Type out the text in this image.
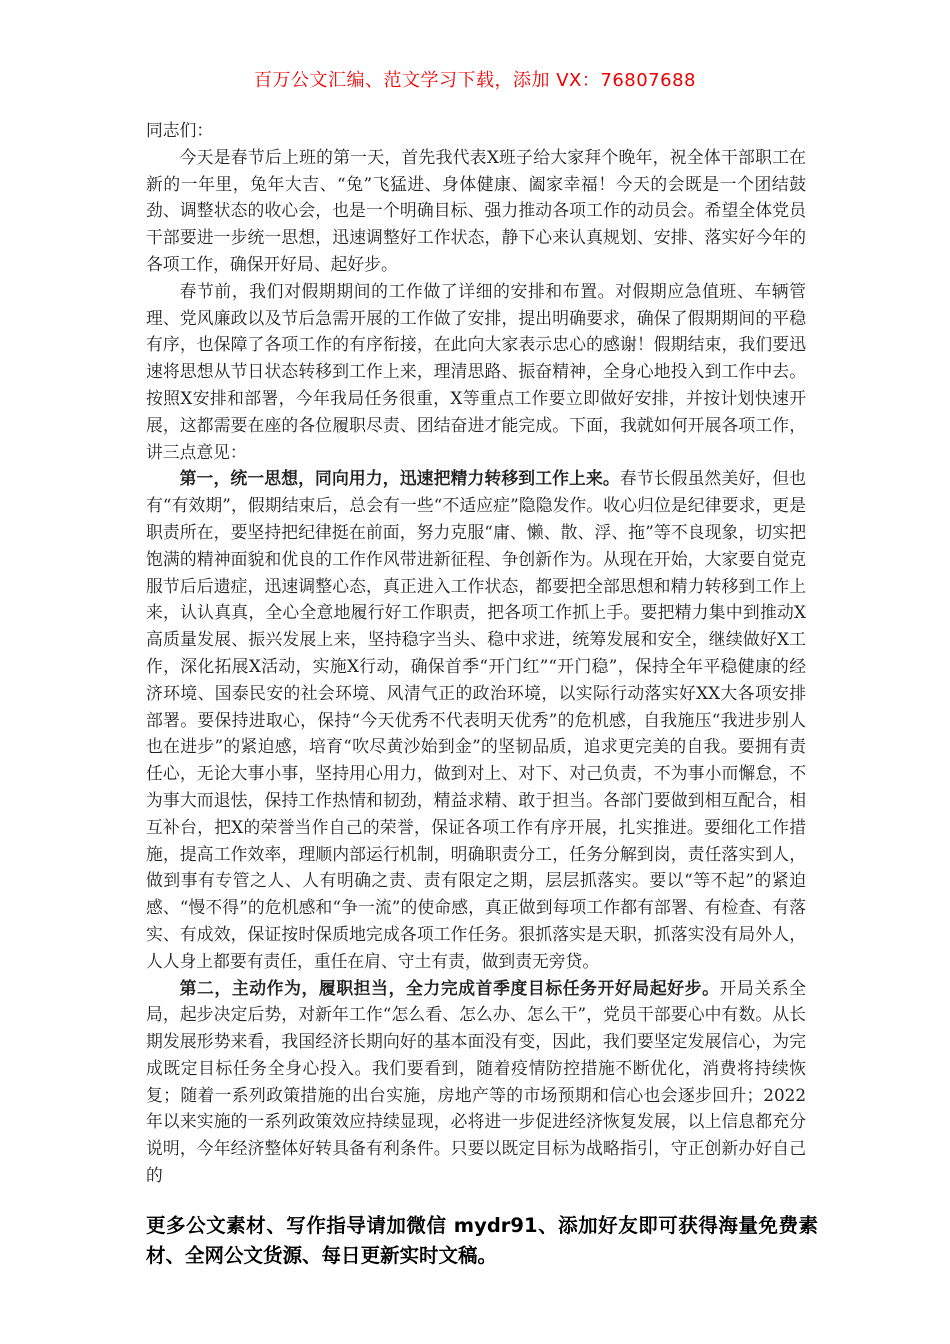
百万公文汇编、范文学习下载，添加 VX：76807688

同志们：

今天是春节后上班的第一天，首先我代表X班子给大家拜个晚年，祝全体干部职工在新的一年里，兔年大吉、“兔”飞猛进、身体健康、阖家幸福！今天的会既是一个团结鼓劲、调整状态的收心会，也是一个明确目标、强力推动各项工作的动员会。希望全体党员干部要进一步统一思想，迅速调整好工作状态，静下心来认真规划、安排、落实好今年的各项工作，确保开好局、起好步。

春节前，我们对假期期间的工作做了详细的安排和布置。对假期应急值班、车辆管理、党风廉政以及节后急需开展的工作做了安排，提出明确要求，确保了假期期间的平稳有序，也保障了各项工作的有序衔接，在此向大家表示忠心的感谢！假期结束，我们要迅速将思想从节日状态转移到工作上来，理清思路、振奋精神，全身心地投入到工作中去。按照X安排和部署，今年我局任务很重，X等重点工作要立即做好安排，并按计划快速开展，这都需要在座的各位履职尽责、团结奋进才能完成。下面，我就如何开展各项工作，讲三点意见：

第一，统一思想，同向用力，迅速把精力转移到工作上来。春节长假虽然美好，但也有“有效期”，假期结束后，总会有一些“不适应症”隐隐发作。收心归位是纪律要求，更是职责所在，要坚持把纪律挺在前面，努力克服“庸、懒、散、浮、拖”等不良现象，切实把饱满的精神面貌和优良的工作作风带进新征程、争创新作为。从现在开始，大家要自觉克服节后后遗症，迅速调整心态，真正进入工作状态，都要把全部思想和精力转移到工作上来，认认真真，全心全意地履行好工作职责，把各项工作抓上手。要把精力集中到推动X高质量发展、振兴发展上来，坚持稳字当头、稳中求进，统筹发展和安全，继续做好X工作，深化拓展X活动，实施X行动，确保首季“开门红”“开门稳”，保持全年平稳健康的经济环境、国泰民安的社会环境、风清气正的政治环境，以实际行动落实好XX大各项安排部署。要保持进取心，保持“今天优秀不代表明天优秀”的危机感，自我施压“我进步别人也在进步”的紧迫感，培育“吹尽黄沙始到金”的坚韧品质，追求更完美的自我。要拥有责任心，无论大事小事，坚持用心用力，做到对上、对下、对己负责，不为事小而懈怠，不为事大而退怯，保持工作热情和韧劲，精益求精、敢于担当。各部门要做到相互配合，相互补台，把X的荣誉当作自己的荣誉，保证各项工作有序开展，扎实推进。要细化工作措施，提高工作效率，理顺内部运行机制，明确职责分工，任务分解到岗，责任落实到人，做到事有专管之人、人有明确之责、责有限定之期，层层抓落实。要以“等不起”的紧迫感、“慢不得”的危机感和“争一流”的使命感，真正做到每项工作都有部署、有检查、有落实、有成效，保证按时保质地完成各项工作任务。狠抓落实是天职，抓落实没有局外人，人人身上都要有责任，重任在肩、守土有责，做到责无旁贷。

第二，主动作为，履职担当，全力完成首季度目标任务开好局起好步。开局关系全局，起步决定后势，对新年工作“怎么看、怎么办、怎么干”，党员干部要心中有数。从长期发展形势来看，我国经济长期向好的基本面没有变，因此，我们要坚定发展信心，为完成既定目标任务全身心投入。我们要看到，随着疫情防控措施不断优化，消费将持续恢复；随着一系列政策措施的出台实施，房地产等的市场预期和信心也会逐步回升；2022年以来实施的一系列政策效应持续显现，必将进一步促进经济恢复发展，以上信息都充分说明，今年经济整体好转具备有利条件。只要以既定目标为战略指引，守正创新办好自己的

更多公文素材、写作指导请加微信 mydr91、添加好友即可获得海量免费素材、全网公文货源、每日更新实时文稿。
